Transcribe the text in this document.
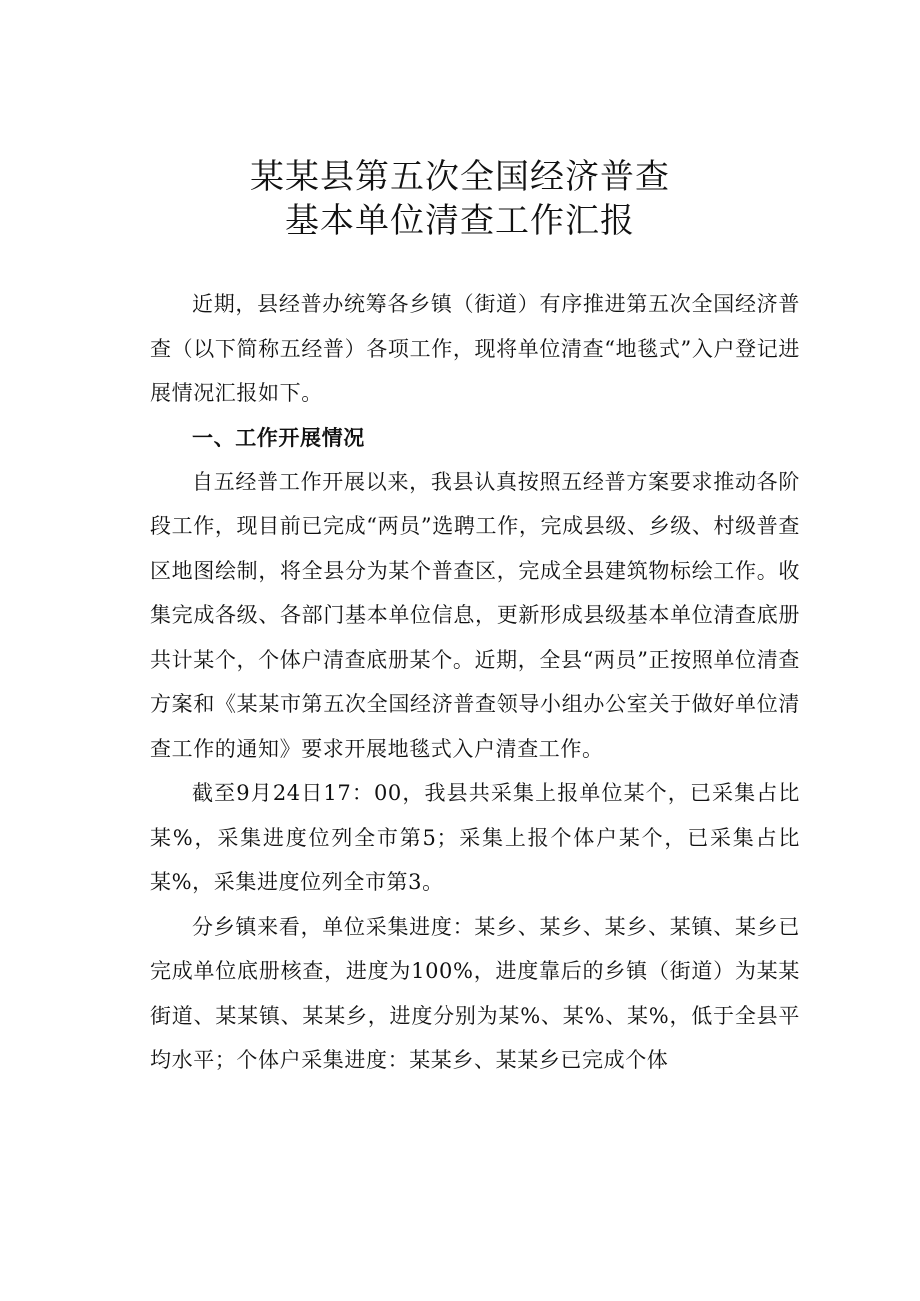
某某县第五次全国经济普查
基本单位清查工作汇报

近期，县经普办统筹各乡镇（街道）有序推进第五次全国经济普查（以下简称五经普）各项工作，现将单位清查“地毯式”入户登记进展情况汇报如下。

一、工作开展情况

自五经普工作开展以来，我县认真按照五经普方案要求推动各阶段工作，现目前已完成“两员”选聘工作，完成县级、乡级、村级普查区地图绘制，将全县分为某个普查区，完成全县建筑物标绘工作。收集完成各级、各部门基本单位信息，更新形成县级基本单位清查底册共计某个，个体户清查底册某个。近期，全县“两员”正按照单位清查方案和《某某市第五次全国经济普查领导小组办公室关于做好单位清查工作的通知》要求开展地毯式入户清查工作。

截至9月24日17：00，我县共采集上报单位某个，已采集占比某%，采集进度位列全市第5；采集上报个体户某个，已采集占比某%，采集进度位列全市第3。

分乡镇来看，单位采集进度：某乡、某乡、某乡、某镇、某乡已完成单位底册核查，进度为100%，进度靠后的乡镇（街道）为某某街道、某某镇、某某乡，进度分别为某%、某%、某%，低于全县平均水平；个体户采集进度：某某乡、某某乡已完成个体
